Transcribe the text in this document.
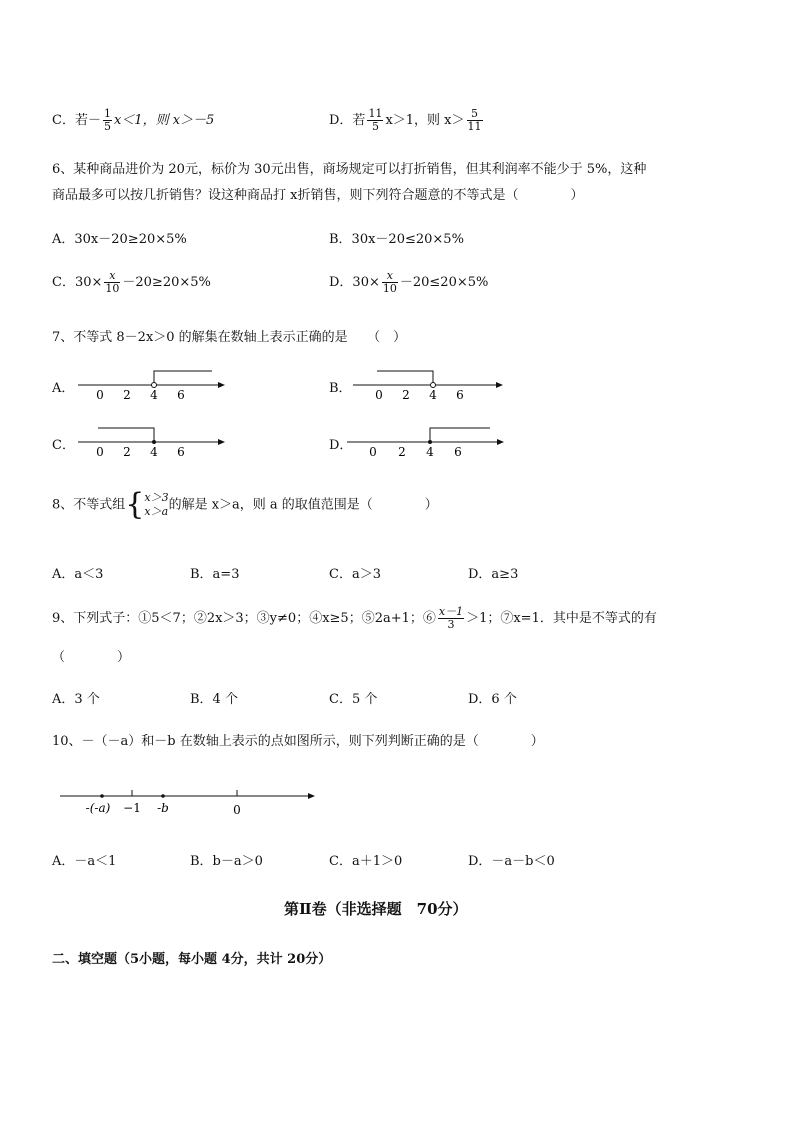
C．若－ $\frac{1}{5} x<1$，则 x＞－5	D．若 $\frac{11}{5} x>1$，则 $x> \frac{5}{11}$
6、某种商品进价为 20元，标价为 30元出售，商场规定可以打折销售，但其利润率不能少于 5%，这种
商品最多可以按几折销售？设这种商品打 x折销售，则下列符合题意的不等式是（　　　　）
A．30x－20≥20×5%	B．30x－20≤20×5%
C．$30\times \frac{x}{10} -20\ge 20\times 5\%$	D．$30\times \frac{x}{10} -20\le 20\times 5\%$
7、不等式 8－2x＞0 的解集在数轴上表示正确的是　　（　）
A． 0 2 4 6	B． 0 2 4 6
C． 0 2 4 6	D． 0 2 4 6
8、不等式组{ x＞3
x＞a 的解是 x＞a，则 a 的取值范围是（　　　　）
A．a＜3	B．a=3	C．a＞3	D．a≥3
9、下列式子：①5＜7；②2x＞3；③y≠0；④x≥5；⑤2a+1；⑥ $\frac{x-1}{3} >1$；⑦x=1．其中是不等式的有
（　　　　）
A．3 个	B．4 个	C．5 个	D．6 个
10、－（－a）和－b 在数轴上表示的点如图所示，则下列判断正确的是（　　　　）
-(-a) −1 -b	0
A．－a＜1	B．b－a＞0	C．a＋1＞0	D．－a－b＜0
第Ⅱ卷（非选择题　70分）
二、填空题（5小题，每小题 4分，共计 20分）
